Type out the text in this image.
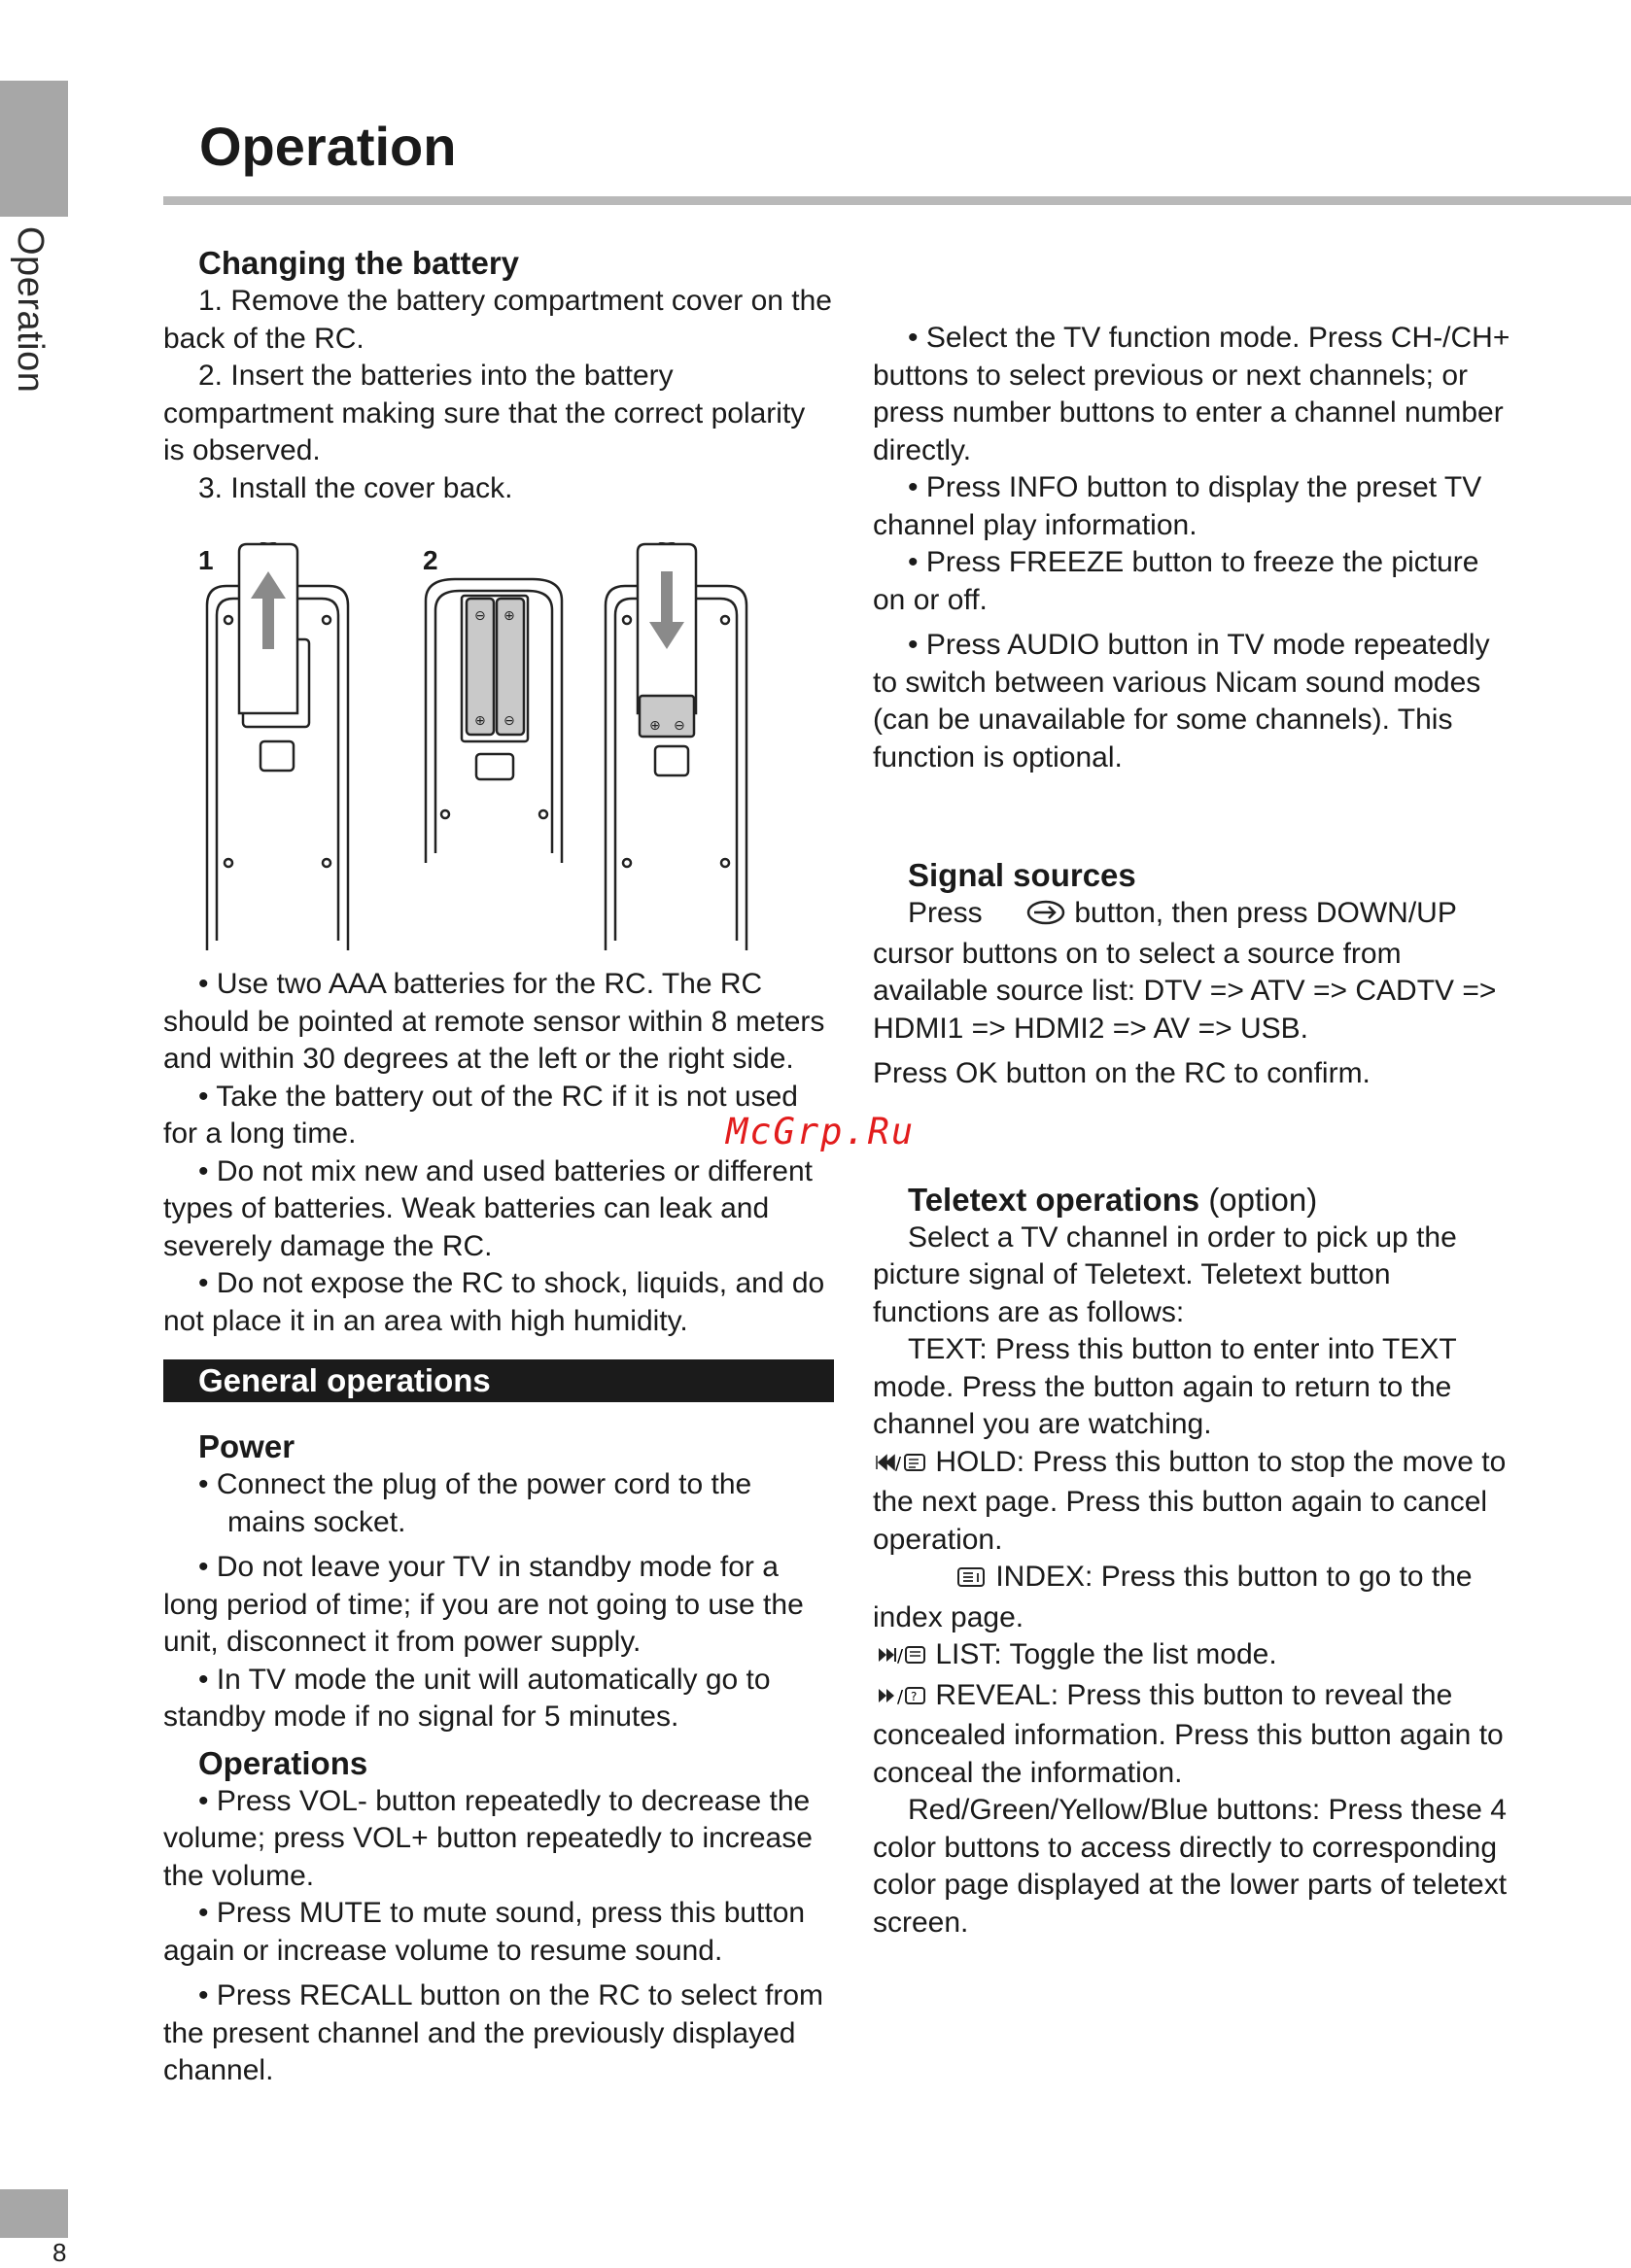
Operation
Operation
Changing the battery

1. Remove the battery compartment cover on the back of the RC.

2. Insert the batteries into the battery compartment making sure that the correct polarity is observed.

3. Install the cover back.

1	2
⊖ ⊕
⊕ ⊖	⊕ ⊖

• Use two AAA batteries for the RC. The RC should be pointed at remote sensor within 8 meters and within 30 degrees at the left or the right side.

• Take the battery out of the RC if it is not used for a long time.

• Do not mix new and used batteries or different types of batteries. Weak batteries can leak and severely damage the RC.

• Do not expose the RC to shock, liquids, and do not place it in an area with high humidity.

General operations
Power

• Connect the plug of the power cord to the mains socket.

• Do not leave your TV in standby mode for a long period of time; if you are not going to use the unit, disconnect it from power supply.

• In TV mode the unit will automatically go to standby mode if no signal for 5 minutes.

Operations

• Press VOL- button repeatedly to decrease the volume; press VOL+ button repeatedly to increase the volume.

• Press MUTE to mute sound, press this button again or increase volume to resume sound.

• Press RECALL button on the RC to select from the present channel and the previously displayed channel.

• Select the TV function mode. Press CH-/CH+ buttons to select previous or next channels; or press number buttons to enter a channel number directly.

• Press INFO button to display the preset TV channel play information.

• Press FREEZE button to freeze the picture on or off.

• Press AUDIO button in TV mode repeatedly to switch between various Nicam sound modes (can be unavailable for some channels). This function is optional.

Signal sources

Press	button, then press DOWN/UP cursor buttons on to select a source from available source list: DTV => ATV => CADTV => HDMI1 => HDMI2 => AV => USB.

Press OK button on the RC to confirm.

Teletext operations (option)

Select a TV channel in order to pick up the picture signal of Teletext. Teletext button functions are as follows:

TEXT: Press this button to enter into TEXT mode. Press the button again to return to the channel you are watching.

/ HOLD: Press this button to stop the move to the next page. Press this button again to cancel operation.

INDEX: Press this button to go to the index page.

/ LIST: Toggle the list mode.

/ ? REVEAL: Press this button to reveal the concealed information. Press this button again to conceal the information.

Red/Green/Yellow/Blue buttons: Press these 4 color buttons to access directly to corresponding color page displayed at the lower parts of teletext screen.

McGrp.Ru
8
